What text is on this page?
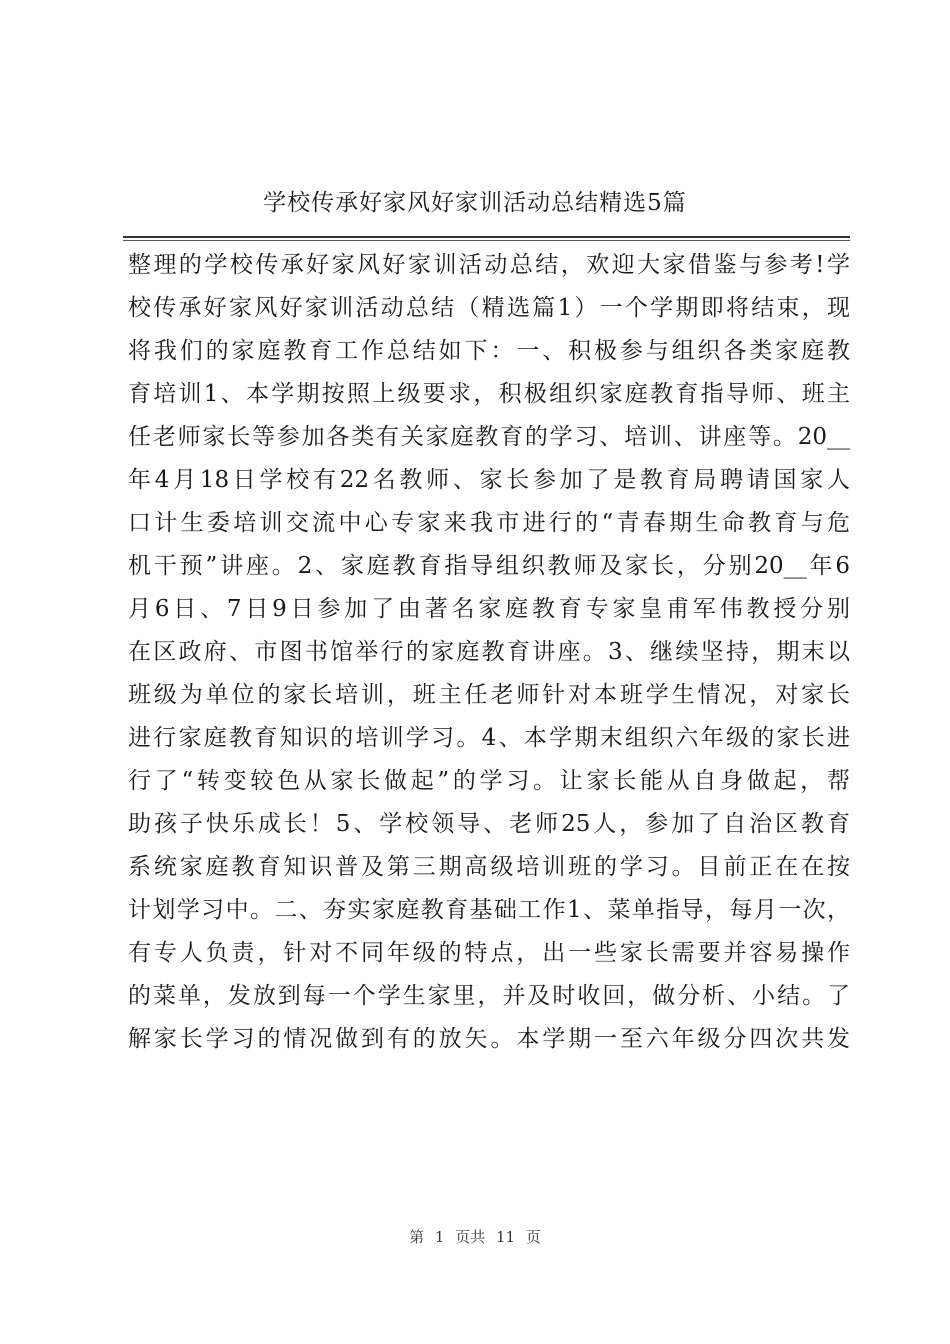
学校传承好家风好家训活动总结精选5篇
整理的学校传承好家风好家训活动总结，欢迎大家借鉴与参考!学
校传承好家风好家训活动总结（精选篇1）一个学期即将结束，现
将我们的家庭教育工作总结如下：一、积极参与组织各类家庭教
育培训1、本学期按照上级要求，积极组织家庭教育指导师、班主
任老师家长等参加各类有关家庭教育的学习、培训、讲座等。20__
年4月18日学校有22名教师、家长参加了是教育局聘请国家人
口计生委培训交流中心专家来我市进行的“青春期生命教育与危
机干预”讲座。2、家庭教育指导组织教师及家长，分别20__年6
月6日、7日9日参加了由著名家庭教育专家皇甫军伟教授分别
在区政府、市图书馆举行的家庭教育讲座。3、继续坚持，期末以
班级为单位的家长培训，班主任老师针对本班学生情况，对家长
进行家庭教育知识的培训学习。4、本学期末组织六年级的家长进
行了“转变较色从家长做起”的学习。让家长能从自身做起，帮
助孩子快乐成长！5、学校领导、老师25人，参加了自治区教育
系统家庭教育知识普及第三期高级培训班的学习。目前正在在按
计划学习中。二、夯实家庭教育基础工作1、菜单指导，每月一次，
有专人负责，针对不同年级的特点，出一些家长需要并容易操作
的菜单，发放到每一个学生家里，并及时收回，做分析、小结。了
解家长学习的情况做到有的放矢。本学期一至六年级分四次共发
第 1 页共 11 页
